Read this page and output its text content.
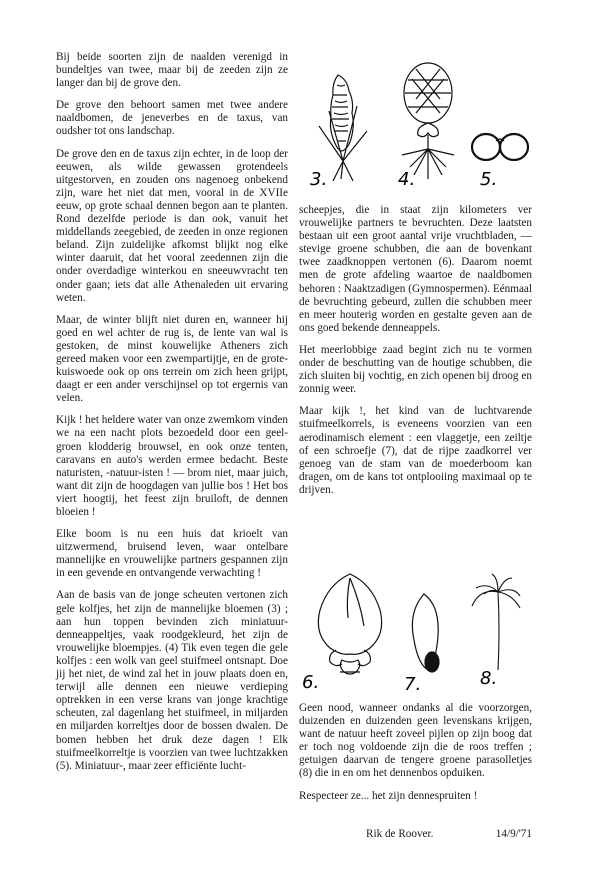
Bij beide soorten zijn de naalden verenigd in bundeltjes van twee, maar bij de zeeden zijn ze langer dan bij de grove den.

De grove den behoort samen met twee andere naaldbomen, de jeneverbes en de taxus, van oudsher tot ons landschap.

De grove den en de taxus zijn echter, in de loop der eeuwen, als wilde gewassen grotendeels uitgestorven, en zouden ons nagenoeg onbekend zijn, ware het niet dat men, vooral in de XVIIe eeuw, op grote schaal dennen begon aan te planten. Rond dezelfde periode is dan ook, vanuit het middellands zeegebied, de zeeden in onze regionen beland. Zijn zuidelijke afkomst blijkt nog elke winter daaruit, dat het vooral zeedennen zijn die onder overdadige winterkou en sneeuwvracht ten onder gaan; iets dat alle Athenaleden uit ervaring weten.

Maar, de winter blijft niet duren en, wanneer hij goed en wel achter de rug is, de lente van wal is gestoken, de minst kouwelijke Atheners zich gereed maken voor een zwempartijtje, en de grote-kuiswoede ook op ons terrein om zich heen grijpt, daagt er een ander verschijnsel op tot ergernis van velen.

Kijk ! het heldere water van onze zwemkom vinden we na een nacht plots bezoedeld door een geel-groen klodderig brouwsel, en ook onze tenten, caravans en auto's werden ermee bedacht. Beste naturisten, -natuur-isten ! — brom niet, maar juich, want dit zijn de hoogdagen van jullie bos ! Het bos viert hoogtij, het feest zijn bruiloft, de dennen bloeien !

Elke boom is nu een huis dat krioelt van uitzwermend, bruisend leven, waar ontelbare mannelijke en vrouwelijke partners gespannen zijn in een gevende en ontvangende verwachting !

Aan de basis van de jonge scheuten vertonen zich gele kolfjes, het zijn de mannelijke bloemen (3) ; aan hun toppen bevinden zich miniatuur-denneappeltjes, vaak roodgekleurd, het zijn de vrouwelijke bloempjes. (4) Tik even tegen die gele kolfjes : een wolk van geel stuifmeel ontsnapt. Doe jij het niet, de wind zal het in jouw plaats doen en, terwijl alle dennen een nieuwe verdieping optrekken in een verse krans van jonge krachtige scheuten, zal dagenlang het stuifmeel, in miljarden en miljarden korreltjes door de bossen dwalen. De bomen hebben het druk deze dagen ! Elk stuifmeelkorreltje is voorzien van twee luchtzakken (5). Miniatuur-, maar zeer efficiënte lucht-

3.	4.	5.

scheepjes, die in staat zijn kilometers ver vrouwelijke partners te bevruchten. Deze laatsten bestaan uit een groot aantal vrije vruchtbladen, — stevige groene schubben, die aan de bovenkant twee zaadknoppen vertonen (6). Daarom noemt men de grote afdeling waartoe de naaldbomen behoren : Naaktzadigen (Gymnospermen). Eénmaal de bevruchting gebeurd, zullen die schubben meer en meer houterig worden en gestalte geven aan de ons goed bekende denneappels.

Het meerlobbige zaad begint zich nu te vormen onder de beschutting van de houtige schubben, die zich sluiten bij vochtig, en zich openen bij droog en zonnig weer.

Maar kijk !, het kind van de luchtvarende stuifmeelkorrels, is eveneens voorzien van een aerodinamisch element : een vlaggetje, een zeiltje of een schroefje (7), dat de rijpe zaadkorrel ver genoeg van de stam van de moederboom kan dragen, om de kans tot ontplooiing maximaal op te drijven.

6.	7.	8.

Geen nood, wanneer ondanks al die voorzorgen, duizenden en duizenden geen levenskans krijgen, want de natuur heeft zoveel pijlen op zijn boog dat er toch nog voldoende zijn die de roos treffen ; getuigen daarvan de tengere groene parasolletjes (8) die in en om het dennenbos opduiken.

Respecteer ze... het zijn dennespruiten !

Rik de Roover.	14/9/'71
